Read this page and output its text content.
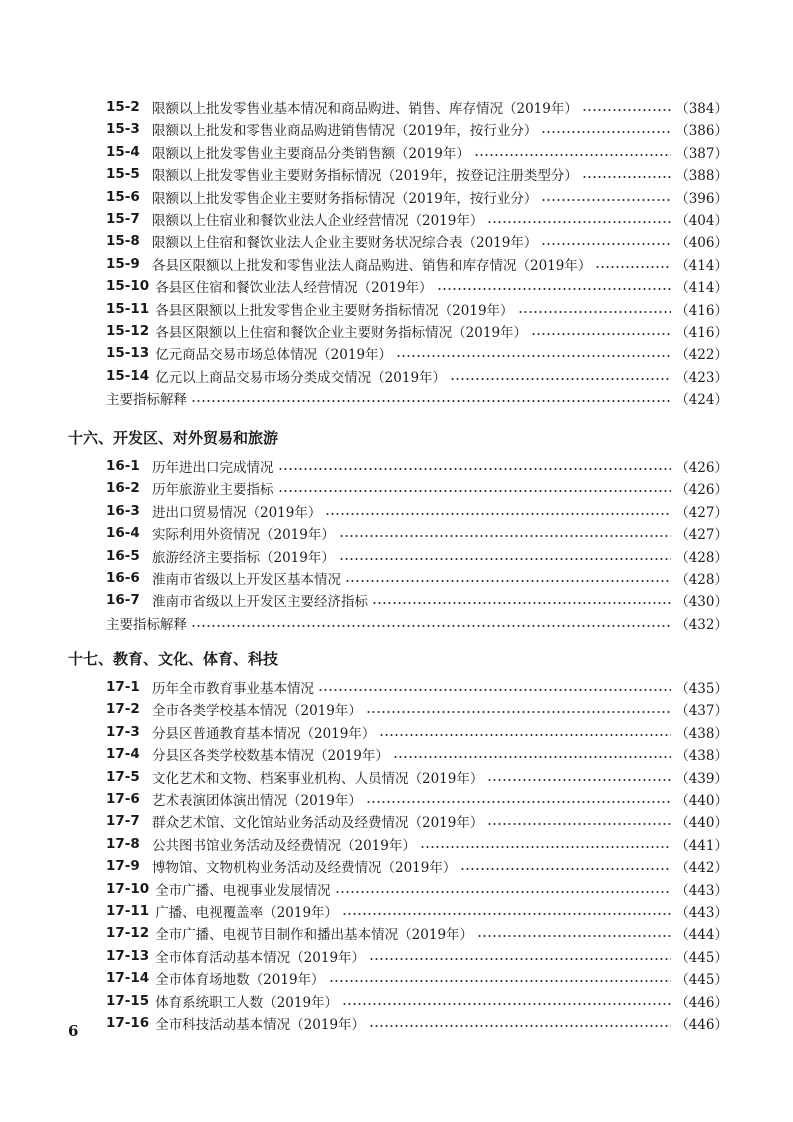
15-2 限额以上批发零售业基本情况和商品购进、销售、库存情况（2019年）	（384）
15-3 限额以上批发和零售业商品购进销售情况（2019年，按行业分）	（386）
15-4 限额以上批发零售业主要商品分类销售额（2019年）	（387）
15-5 限额以上批发零售业主要财务指标情况（2019年，按登记注册类型分）	（388）
15-6 限额以上批发零售企业主要财务指标情况（2019年，按行业分）	（396）
15-7 限额以上住宿业和餐饮业法人企业经营情况（2019年）	（404）
15-8 限额以上住宿和餐饮业法人企业主要财务状况综合表（2019年）	（406）
15-9 各县区限额以上批发和零售业法人商品购进、销售和库存情况（2019年）	（414）
15-10 各县区住宿和餐饮业法人经营情况（2019年）	（414）
15-11 各县区限额以上批发零售企业主要财务指标情况（2019年）	（416）
15-12 各县区限额以上住宿和餐饮企业主要财务指标情况（2019年）	（416）
15-13 亿元商品交易市场总体情况（2019年）	（422）
15-14 亿元以上商品交易市场分类成交情况（2019年）	（423）
主要指标解释	（424）
十六、开发区、对外贸易和旅游
16-1 历年进出口完成情况	（426）
16-2 历年旅游业主要指标	（426）
16-3 进出口贸易情况（2019年）	（427）
16-4 实际利用外资情况（2019年）	（427）
16-5 旅游经济主要指标（2019年）	（428）
16-6 淮南市省级以上开发区基本情况	（428）
16-7 淮南市省级以上开发区主要经济指标	（430）
主要指标解释	（432）
十七、教育、文化、体育、科技
17-1 历年全市教育事业基本情况	（435）
17-2 全市各类学校基本情况（2019年）	（437）
17-3 分县区普通教育基本情况（2019年）	（438）
17-4 分县区各类学校数基本情况（2019年）	（438）
17-5 文化艺术和文物、档案事业机构、人员情况（2019年）	（439）
17-6 艺术表演团体演出情况（2019年）	（440）
17-7 群众艺术馆、文化馆站业务活动及经费情况（2019年）	（440）
17-8 公共图书馆业务活动及经费情况（2019年）	（441）
17-9 博物馆、文物机构业务活动及经费情况（2019年）	（442）
17-10 全市广播、电视事业发展情况	（443）
17-11 广播、电视覆盖率（2019年）	（443）
17-12 全市广播、电视节目制作和播出基本情况（2019年）	（444）
17-13 全市体育活动基本情况（2019年）	（445）
17-14 全市体育场地数（2019年）	（445）
17-15 体育系统职工人数（2019年）	（446）
17-16 全市科技活动基本情况（2019年）	（446）
6
